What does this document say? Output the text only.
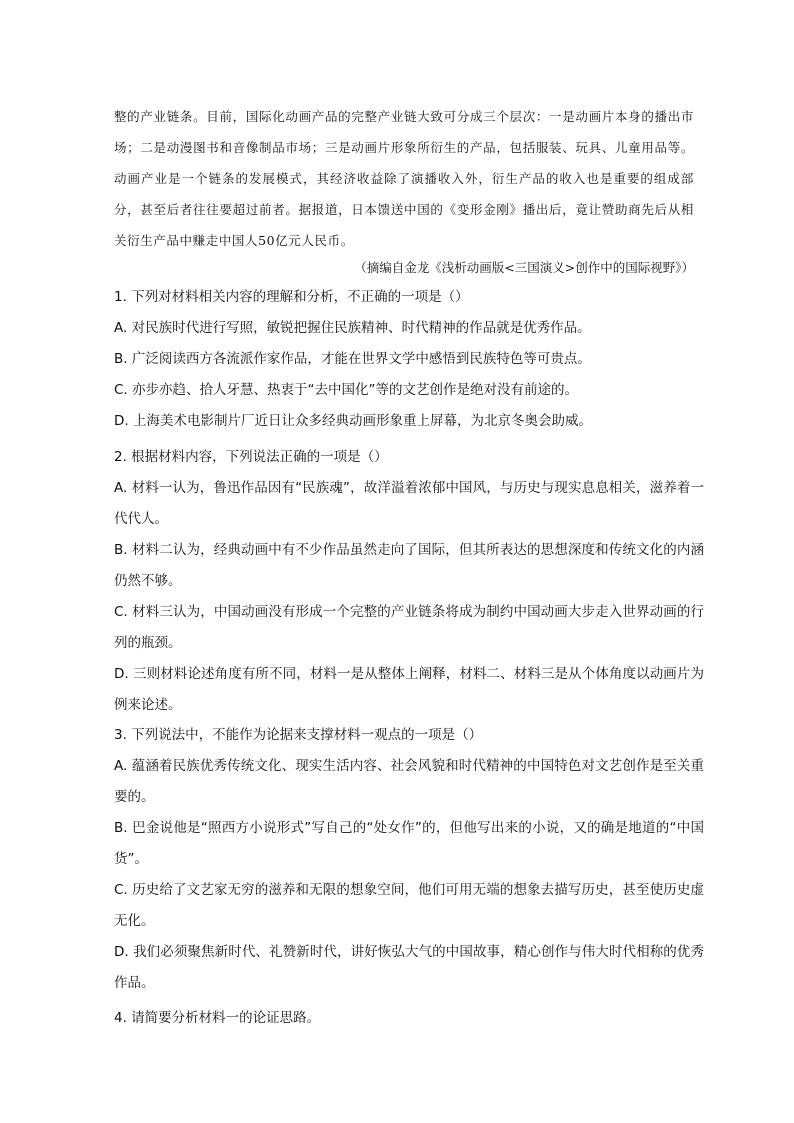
整的产业链条。目前，国际化动画产品的完整产业链大致可分成三个层次：一是动画片本身的播出市场；二是动漫图书和音像制品市场；三是动画片形象所衍生的产品，包括服装、玩具、儿童用品等。动画产业是一个链条的发展模式，其经济收益除了演播收入外，衍生产品的收入也是重要的组成部分，甚至后者往往要超过前者。据报道，日本馈送中国的《变形金刚》播出后，竟让赞助商先后从相关衍生产品中赚走中国人50亿元人民币。

（摘编自金龙《浅析动画版<三国演义>创作中的国际视野》）

1. 下列对材料相关内容的理解和分析，不正确的一项是（）

A. 对民族时代进行写照，敏锐把握住民族精神、时代精神的作品就是优秀作品。

B. 广泛阅读西方各流派作家作品，才能在世界文学中感悟到民族特色等可贵点。

C. 亦步亦趋、拾人牙慧、热衷于“去中国化”等的文艺创作是绝对没有前途的。

D. 上海美术电影制片厂近日让众多经典动画形象重上屏幕，为北京冬奥会助威。

2. 根据材料内容，下列说法正确的一项是（）

A. 材料一认为，鲁迅作品因有“民族魂”，故洋溢着浓郁中国风，与历史与现实息息相关，滋养着一代代人。

B. 材料二认为，经典动画中有不少作品虽然走向了国际，但其所表达的思想深度和传统文化的内涵仍然不够。

C. 材料三认为，中国动画没有形成一个完整的产业链条将成为制约中国动画大步走入世界动画的行列的瓶颈。

D. 三则材料论述角度有所不同，材料一是从整体上阐释，材料二、材料三是从个体角度以动画片为例来论述。

3. 下列说法中，不能作为论据来支撑材料一观点的一项是（）

A. 蕴涵着民族优秀传统文化、现实生活内容、社会风貌和时代精神的中国特色对文艺创作是至关重要的。

B. 巴金说他是“照西方小说形式”写自己的“处女作”的，但他写出来的小说，又的确是地道的“中国货”。

C. 历史给了文艺家无穷的滋养和无限的想象空间，他们可用无端的想象去描写历史，甚至使历史虚无化。

D. 我们必须聚焦新时代、礼赞新时代，讲好恢弘大气的中国故事，精心创作与伟大时代相称的优秀作品。

4. 请简要分析材料一的论证思路。
